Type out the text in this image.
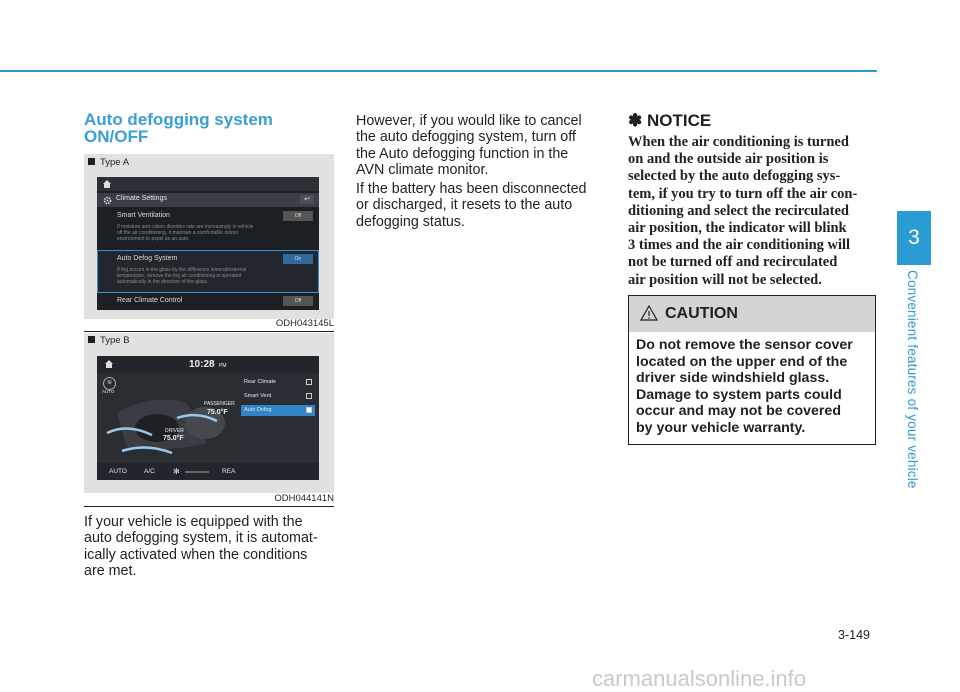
Auto defogging system
ON/OFF
Type A
Climate Settings	↩
Smart Ventilation	Off
If moisture and cabon dioxides rate are increasingly in vehicle
off the air conditioning, it maintain a comfortable indoor
environment to expel as an auto.
Auto Defog System	On
If fog occurs in the glass by the difference internal/external
temperature, remove the fog air conditioning is operated
automatically in the direction of the glass.
Rear Climate Control	Off
ODH043145L
Type B
10:28 PM
≋
AUTO
PASSENGER
75.0°F
DRIVER
75.0°F
Rear Climate
Smart Vent
Auto Defog
AUTO	A/C ✻	REA
ODH044141N

If your vehicle is equipped with the

auto defogging system, it is automat-

ically activated when the conditions

are met.

However, if you would like to cancel

the auto defogging system, turn off

the Auto defogging function in the

AVN climate monitor.

If the battery has been disconnected

or discharged, it resets to the auto

defogging status.

✽ NOTICE
When the air conditioning is turned
on and the outside air position is
selected by the auto defogging sys-
tem, if you try to turn off the air con-
ditioning and select the recirculated
air position, the indicator will blink
3 times and the air conditioning will
not be turned off and recirculated
air position will not be selected.
CAUTION
Do not remove the sensor cover
located on the upper end of the
driver side windshield glass.
Damage to system parts could
occur and may not be covered
by your vehicle warranty.
3
Convenient features of your vehicle
3-149
carmanualsonline.info
